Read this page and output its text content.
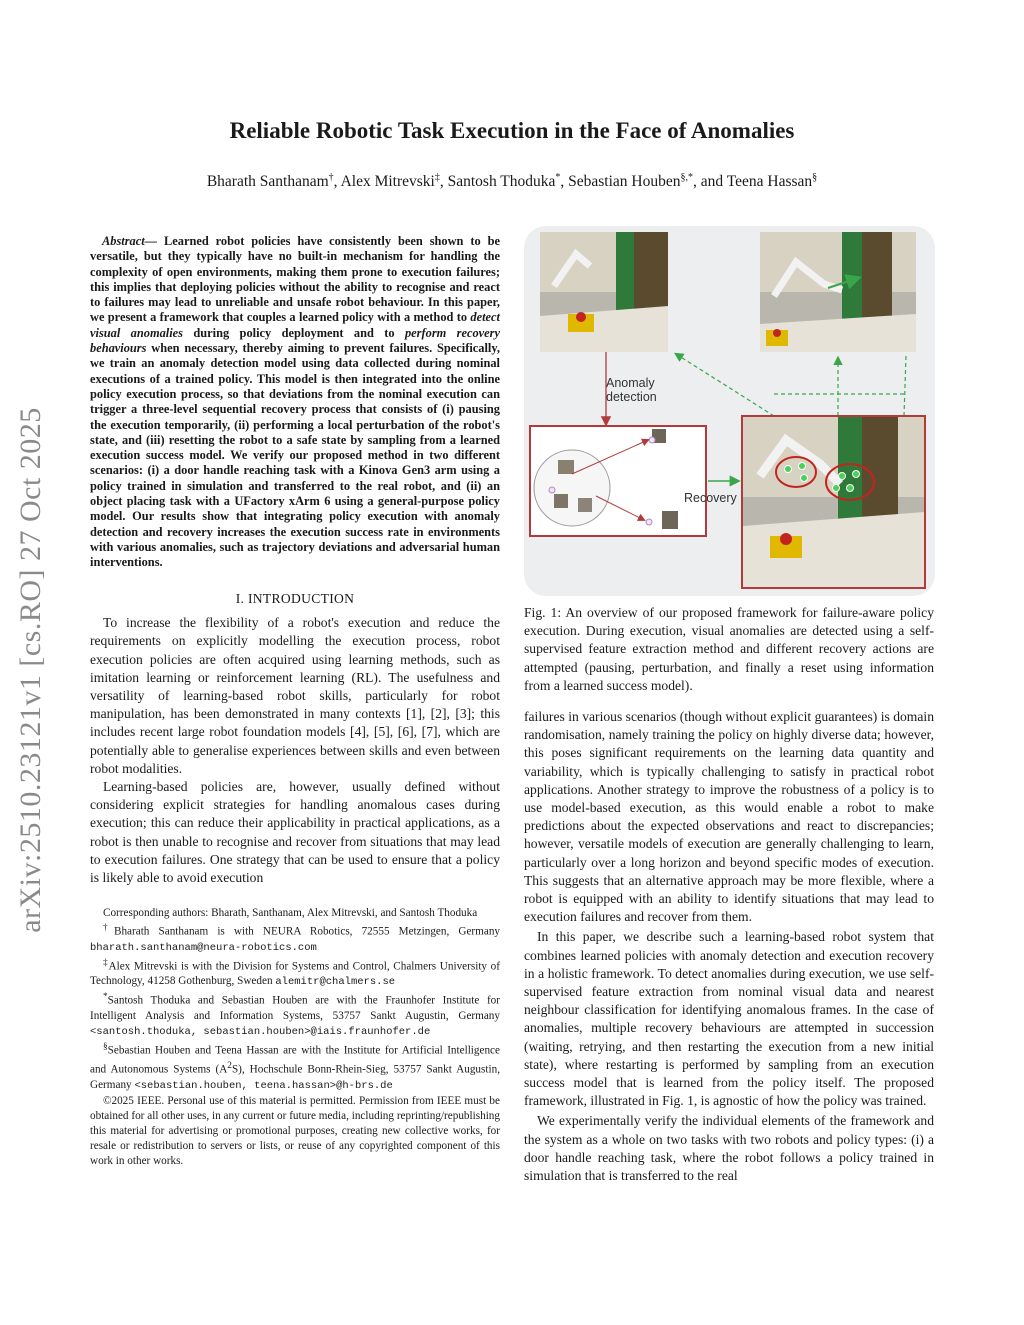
arXiv:2510.23121v1 [cs.RO] 27 Oct 2025
Reliable Robotic Task Execution in the Face of Anomalies
Bharath Santhanam†, Alex Mitrevski‡, Santosh Thoduka*, Sebastian Houben§,*, and Teena Hassan§

Abstract— Learned robot policies have consistently been shown to be versatile, but they typically have no built-in mechanism for handling the complexity of open environments, making them prone to execution failures; this implies that deploying policies without the ability to recognise and react to failures may lead to unreliable and unsafe robot behaviour. In this paper, we present a framework that couples a learned policy with a method to detect visual anomalies during policy deployment and to perform recovery behaviours when necessary, thereby aiming to prevent failures. Specifically, we train an anomaly detection model using data collected during nominal executions of a trained policy. This model is then integrated into the online policy execution process, so that deviations from the nominal execution can trigger a three-level sequential recovery process that consists of (i) pausing the execution temporarily, (ii) performing a local perturbation of the robot's state, and (iii) resetting the robot to a safe state by sampling from a learned execution success model. We verify our proposed method in two different scenarios: (i) a door handle reaching task with a Kinova Gen3 arm using a policy trained in simulation and transferred to the real robot, and (ii) an object placing task with a UFactory xArm 6 using a general-purpose policy model. Our results show that integrating policy execution with anomaly detection and recovery increases the execution success rate in environments with various anomalies, such as trajectory deviations and adversarial human interventions.

I. INTRODUCTION

To increase the flexibility of a robot's execution and reduce the requirements on explicitly modelling the execution process, robot execution policies are often acquired using learning methods, such as imitation learning or reinforcement learning (RL). The usefulness and versatility of learning-based robot skills, particularly for robot manipulation, has been demonstrated in many contexts [1], [2], [3]; this includes recent large robot foundation models [4], [5], [6], [7], which are potentially able to generalise experiences between skills and even between robot modalities.

Learning-based policies are, however, usually defined without considering explicit strategies for handling anomalous cases during execution; this can reduce their applicability in practical applications, as a robot is then unable to recognise and recover from situations that may lead to execution failures. One strategy that can be used to ensure that a policy is likely able to avoid execution

Corresponding authors: Bharath, Santhanam, Alex Mitrevski, and Santosh Thoduka

†Bharath Santhanam is with NEURA Robotics, 72555 Metzingen, Germany bharath.santhanam@neura-robotics.com

‡Alex Mitrevski is with the Division for Systems and Control, Chalmers University of Technology, 41258 Gothenburg, Sweden alemitr@chalmers.se

*Santosh Thoduka and Sebastian Houben are with the Fraunhofer Institute for Intelligent Analysis and Information Systems, 53757 Sankt Augustin, Germany <santosh.thoduka, sebastian.houben>@iais.fraunhofer.de

§Sebastian Houben and Teena Hassan are with the Institute for Artificial Intelligence and Autonomous Systems $(A^2S)$, Hochschule Bonn-Rhein-Sieg, 53757 Sankt Augustin, Germany <sebastian.houben, teena.hassan>@h-brs.de

©2025 IEEE. Personal use of this material is permitted. Permission from IEEE must be obtained for all other uses, in any current or future media, including reprinting/republishing this material for advertising or promotional purposes, creating new collective works, for resale or redistribution to servers or lists, or reuse of any copyrighted component of this work in other works.

Anomaly
detection
Recovery
Fig. 1: An overview of our proposed framework for failure-aware policy execution. During execution, visual anomalies are detected using a self-supervised feature extraction method and different recovery actions are attempted (pausing, perturbation, and finally a reset using information from a learned success model).

failures in various scenarios (though without explicit guarantees) is domain randomisation, namely training the policy on highly diverse data; however, this poses significant requirements on the learning data quantity and variability, which is typically challenging to satisfy in practical robot applications. Another strategy to improve the robustness of a policy is to use model-based execution, as this would enable a robot to make predictions about the expected observations and react to discrepancies; however, versatile models of execution are generally challenging to learn, particularly over a long horizon and beyond specific modes of execution. This suggests that an alternative approach may be more flexible, where a robot is equipped with an ability to identify situations that may lead to execution failures and recover from them.

In this paper, we describe such a learning-based robot system that combines learned policies with anomaly detection and execution recovery in a holistic framework. To detect anomalies during execution, we use self-supervised feature extraction from nominal visual data and nearest neighbour classification for identifying anomalous frames. In the case of anomalies, multiple recovery behaviours are attempted in succession (waiting, retrying, and then restarting the execution from a new initial state), where restarting is performed by sampling from an execution success model that is learned from the policy itself. The proposed framework, illustrated in Fig. 1, is agnostic of how the policy was trained.

We experimentally verify the individual elements of the framework and the system as a whole on two tasks with two robots and policy types: (i) a door handle reaching task, where the robot follows a policy trained in simulation that is transferred to the real
